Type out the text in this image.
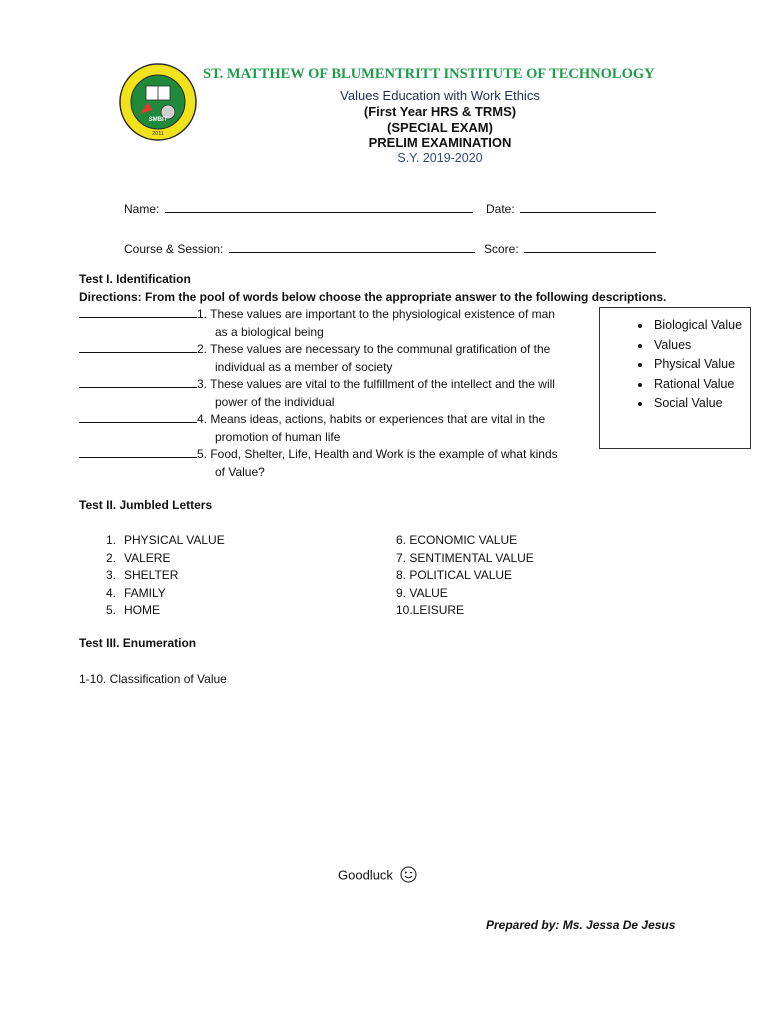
SMBIT
2011
ST. MATTHEW OF BLUMENTRITT INSTITUTE OF TECHNOLOGY
Values Education with Work Ethics
(First Year HRS & TRMS)
(SPECIAL EXAM)
PRELIM EXAMINATION
S.Y. 2019-2020
Name:	Date:
Course & Session:	Score:
Test I. Identification
Directions: From the pool of words below choose the appropriate answer to the following descriptions.
1. These values are important to the physiological existence of man
as a biological being
2. These values are necessary to the communal gratification of the
individual as a member of society
3. These values are vital to the fulfillment of the intellect and the will
power of the individual
4. Means ideas, actions, habits or experiences that are vital in the
promotion of human life
5. Food, Shelter, Life, Health and Work is the example of what kinds
of Value?
• Biological Value
• Values
• Physical Value
• Rational Value
• Social Value
Test II. Jumbled Letters
1. PHYSICAL VALUE
2. VALERE
3. SHELTER
4. FAMILY
5. HOME
6. ECONOMIC VALUE
7. SENTIMENTAL VALUE
8. POLITICAL VALUE
9. VALUE
10.LEISURE
Test III. Enumeration
1-10. Classification of Value
Goodluck
Prepared by: Ms. Jessa De Jesus
